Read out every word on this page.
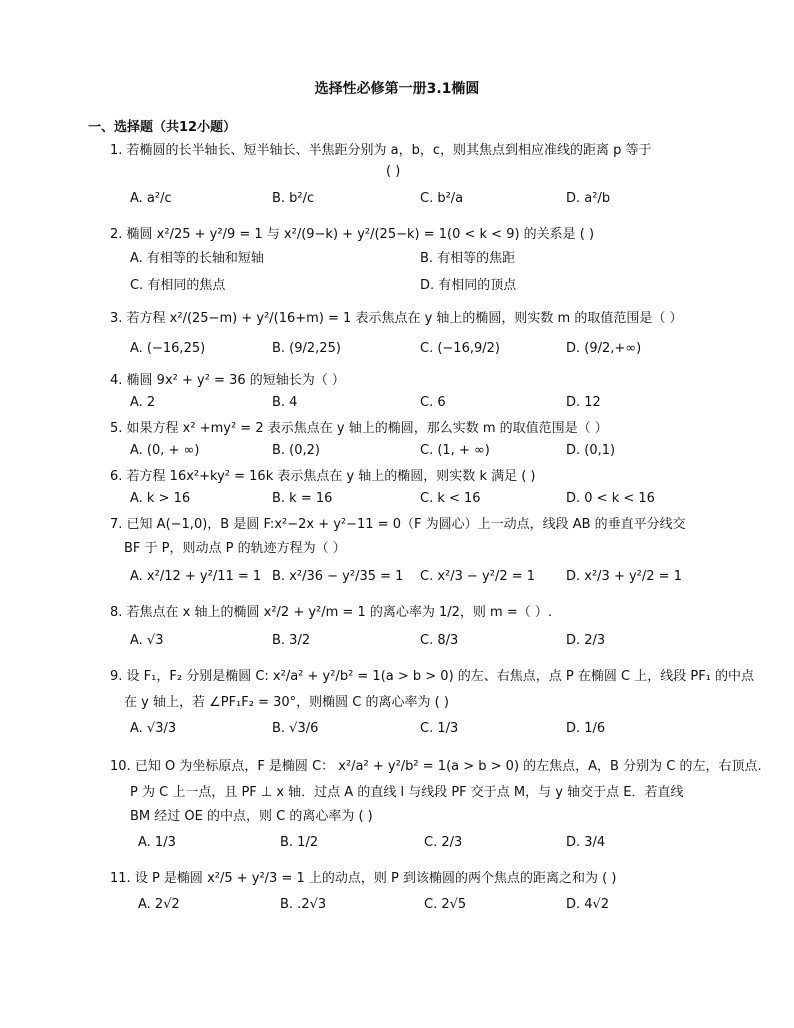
选择性必修第一册3.1椭圆
一、选择题（共12小题）
1. 若椭圆的长半轴长、短半轴长、半焦距分别为 a，b，c，则其焦点到相应准线的距离 p 等于
( )
A. a²/c	B. b²/c	C. b²/a	D. a²/b
2. 椭圆 x²/25 + y²/9 = 1 与 x²/(9−k) + y²/(25−k) = 1(0 < k < 9) 的关系是 ( )
A. 有相等的长轴和短轴	B. 有相等的焦距
C. 有相同的焦点	D. 有相同的顶点
3. 若方程 x²/(25−m) + y²/(16+m) = 1 表示焦点在 y 轴上的椭圆，则实数 m 的取值范围是（ ）
A. (−16,25)	B. (9/2,25)	C. (−16,9/2)	D. (9/2,+∞)
4. 椭圆 9x² + y² = 36 的短轴长为（ ）
A. 2	B. 4	C. 6	D. 12
5. 如果方程 x² +my² = 2 表示焦点在 y 轴上的椭圆，那么实数 m 的取值范围是（ ）
A. (0, + ∞)	B. (0,2)	C. (1, + ∞)	D. (0,1)
6. 若方程 16x²+ky² = 16k 表示焦点在 y 轴上的椭圆，则实数 k 满足 ( )
A. k > 16	B. k = 16	C. k < 16	D. 0 < k < 16
7. 已知 A(−1,0)，B 是圆 F:x²−2x + y²−11 = 0（F 为圆心）上一动点，线段 AB 的垂直平分线交
BF 于 P，则动点 P 的轨迹方程为（ ）
A. x²/12 + y²/11 = 1 B. x²/36 − y²/35 = 1 C. x²/3 − y²/2 = 1 D. x²/3 + y²/2 = 1
8. 若焦点在 x 轴上的椭圆 x²/2 + y²/m = 1 的离心率为 1/2，则 m =（ ）.
A. √3	B. 3/2	C. 8/3	D. 2/3
9. 设 F₁，F₂ 分别是椭圆 C: x²/a² + y²/b² = 1(a > b > 0) 的左、右焦点，点 P 在椭圆 C 上，线段 PF₁ 的中点
在 y 轴上，若 ∠PF₁F₂ = 30°，则椭圆 C 的离心率为 ( )
A. √3/3	B. √3/6	C. 1/3	D. 1/6
10. 已知 O 为坐标原点，F 是椭圆 C： x²/a² + y²/b² = 1(a > b > 0) 的左焦点，A，B 分别为 C 的左，右顶点.
P 为 C 上一点，且 PF ⊥ x 轴．过点 A 的直线 l 与线段 PF 交于点 M，与 y 轴交于点 E．若直线
BM 经过 OE 的中点，则 C 的离心率为 ( )
A. 1/3	B. 1/2	C. 2/3	D. 3/4
11. 设 P 是椭圆 x²/5 + y²/3 = 1 上的动点，则 P 到该椭圆的两个焦点的距离之和为 ( )
A. 2√2	B. .2√3	C. 2√5	D. 4√2
